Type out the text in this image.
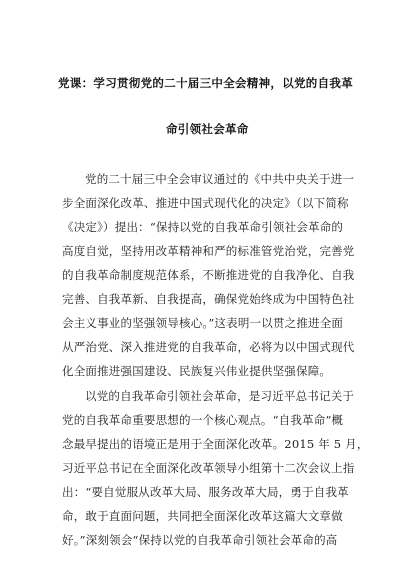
党课：学习贯彻党的二十届三中全会精神，以党的自我革
命引领社会革命
党的二十届三中全会审议通过的《中共中央关于进一
步全面深化改革、推进中国式现代化的决定》（以下简称
《决定》）提出：“保持以党的自我革命引领社会革命的
高度自觉，坚持用改革精神和严的标准管党治党，完善党
的自我革命制度规范体系，不断推进党的自我净化、自我
完善、自我革新、自我提高，确保党始终成为中国特色社
会主义事业的坚强领导核心。”这表明一以贯之推进全面
从严治党、深入推进党的自我革命，必将为以中国式现代
化全面推进强国建设、民族复兴伟业提供坚强保障。
以党的自我革命引领社会革命，是习近平总书记关于
党的自我革命重要思想的一个核心观点。“自我革命”概
念最早提出的语境正是用于全面深化改革。2015 年 5 月，
习近平总书记在全面深化改革领导小组第十二次会议上指
出：“要自觉服从改革大局、服务改革大局，勇于自我革
命，敢于直面问题，共同把全面深化改革这篇大文章做
好。”深刻领会“保持以党的自我革命引领社会革命的高
